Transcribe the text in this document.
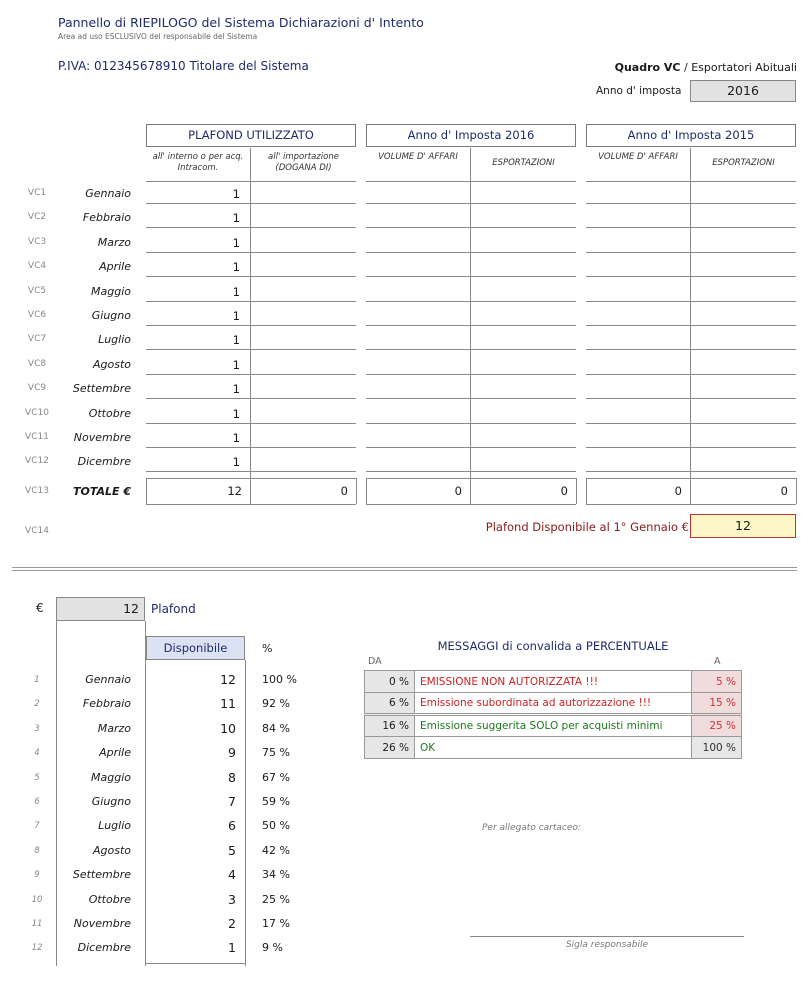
Pannello di RIEPILOGO del Sistema Dichiarazioni d' Intento
Area ad uso ESCLUSIVO del responsabile del Sistema
P.IVA: 012345678910 Titolare del Sistema	Quadro VC / Esportatori Abituali
Anno d' imposta	2016
PLAFOND UTILIZZATO	Anno d' Imposta 2016	Anno d' Imposta 2015
all' interno o per acq. Intracom.
all' importazione (DOGANA DI)
VOLUME D' AFFARI
ESPORTAZIONI
VOLUME D' AFFARI
ESPORTAZIONI
VC1	Gennaio	1
VC2	Febbraio	1
VC3	Marzo	1
VC4	Aprile	1
VC5	Maggio	1
VC6	Giugno	1
VC7	Luglio	1
VC8	Agosto	1
VC9	Settembre	1
VC10	Ottobre	1
VC11	Novembre	1
VC12	Dicembre	1
VC13	TOTALE €	12	0	0	0	0	0
VC14	Plafond Disponibile al 1° Gennaio €	12
€	12	Plafond
Disponibile	%
1	Gennaio	12 100 %
2	Febbraio	11 92 %
3	Marzo	10 84 %
4	Aprile	9 75 %
5	Maggio	8 67 %
6	Giugno	7 59 %
7	Luglio	6 50 %
8	Agosto	5 42 %
9	Settembre	4 34 %
10	Ottobre	3 25 %
11	Novembre	2 17 %
12	Dicembre	1 9 %
MESSAGGI di convalida a PERCENTUALE
DA	A
0 %	EMISSIONE NON AUTORIZZATA !!!	5 %
6 %	Emissione subordinata ad autorizzazione !!!	15 %
16 %	Emissione suggerita SOLO per acquisti minimi	25 %
26 %	OK	100 %
Per allegato cartaceo:
Sigla responsabile
